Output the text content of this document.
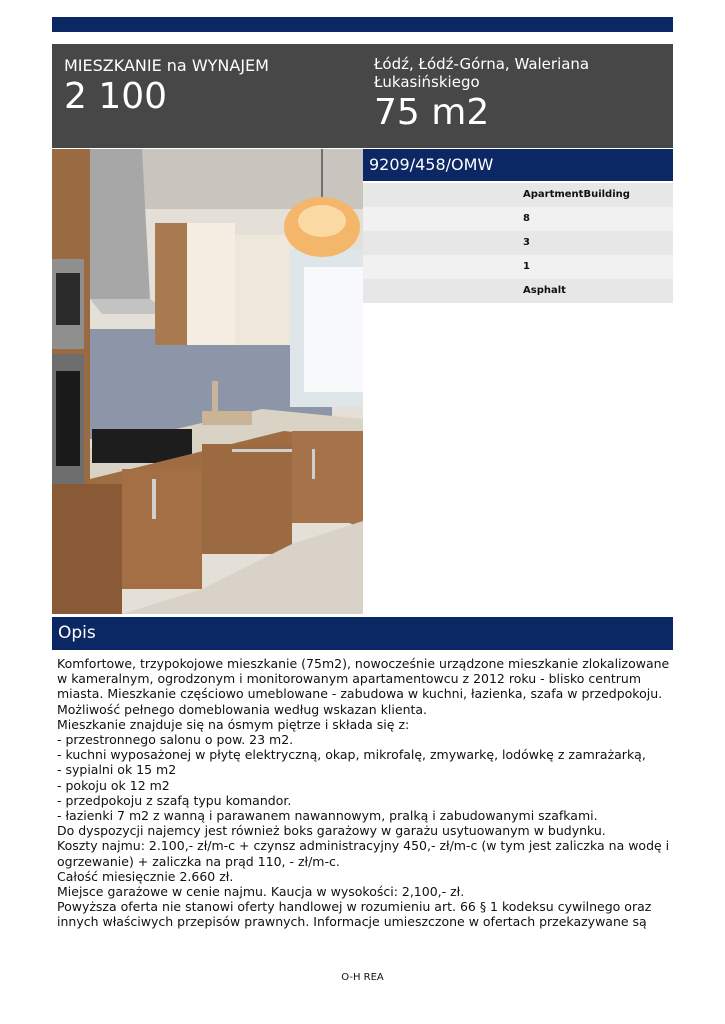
MIESZKANIE na WYNAJEM
2 100
Łódź, Łódź-Górna, Waleriana Łukasińskiego
75 m2
9209/458/OMW
ApartmentBuilding
8
3
1
Asphalt
Opis
Komfortowe, trzypokojowe mieszkanie (75m2), nowocześnie urządzone mieszkanie zlokalizowane
w kameralnym, ogrodzonym i monitorowanym apartamentowcu z 2012 roku - blisko centrum
miasta. Mieszkanie częściowo umeblowane - zabudowa w kuchni, łazienka, szafa w przedpokoju.
Możliwość pełnego domeblowania według wskazan klienta.
Mieszkanie znajduje się na ósmym piętrze i składa się z:
- przestronnego salonu o pow. 23 m2.
- kuchni wyposażonej w płytę elektryczną, okap, mikrofalę, zmywarkę, lodówkę z zamrażarką,
- sypialni ok 15 m2
- pokoju ok 12 m2
- przedpokoju z szafą typu komandor.
- łazienki 7 m2 z wanną i parawanem nawannowym, pralką i zabudowanymi szafkami.
Do dyspozycji najemcy jest również boks garażowy w garażu usytuowanym w budynku.
Koszty najmu: 2.100,- zł/m-c + czynsz administracyjny 450,- zł/m-c (w tym jest zaliczka na wodę i
ogrzewanie) + zaliczka na prąd 110, - zł/m-c.
Całość miesięcznie 2.660 zł.
Miejsce garażowe w cenie najmu. Kaucja w wysokości: 2,100,- zł.
Powyższa oferta nie stanowi oferty handlowej w rozumieniu art. 66 § 1 kodeksu cywilnego oraz
innych właściwych przepisów prawnych. Informacje umieszczone w ofertach przekazywane są
O-H REA
